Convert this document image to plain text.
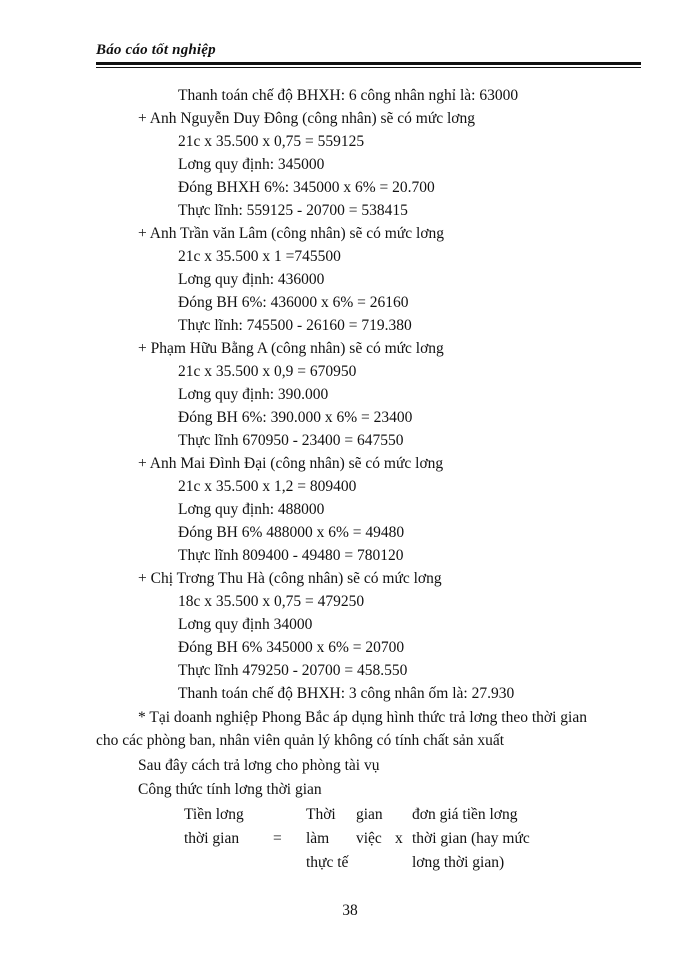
Báo cáo tốt nghiệp
Thanh toán chế độ BHXH: 6 công nhân nghỉ là: 63000
+ Anh Nguyễn Duy Đông (công nhân) sẽ có mức lơng
21c x 35.500 x 0,75 = 559125
Lơng quy định: 345000
Đóng BHXH 6%: 345000 x 6% = 20.700
Thực lĩnh: 559125 - 20700 = 538415
+ Anh Trần văn Lâm (công nhân) sẽ có mức lơng
21c x 35.500 x 1 =745500
Lơng quy định: 436000
Đóng BH 6%: 436000 x 6% = 26160
Thực lĩnh: 745500 - 26160 = 719.380
+ Phạm Hữu Bằng A (công nhân) sẽ có mức lơng
21c x 35.500 x 0,9 = 670950
Lơng quy định: 390.000
Đóng BH 6%: 390.000 x 6% = 23400
Thực lĩnh 670950 - 23400 = 647550
+ Anh Mai Đình Đại (công nhân) sẽ có mức lơng
21c x 35.500 x 1,2 = 809400
Lơng quy định: 488000
Đóng BH 6% 488000 x 6% = 49480
Thực lĩnh 809400 - 49480 = 780120
+ Chị Trơng Thu Hà (công nhân) sẽ có mức lơng
18c x 35.500 x 0,75 = 479250
Lơng quy định 34000
Đóng BH 6% 345000 x 6% = 20700
Thực lĩnh 479250 - 20700 = 458.550
Thanh toán chế độ BHXH: 3 công nhân ốm là: 27.930
* Tại doanh nghiệp Phong Bắc áp dụng hình thức trả lơng theo thời gian
cho các phòng ban, nhân viên quản lý không có tính chất sản xuất
Sau đây cách trả lơng cho phòng tài vụ
Công thức tính lơng thời gian
Tiền lơng
thời gian =
Thời gian
làm việc
thực tế
x
đơn giá tiền lơng
thời gian (hay mức
lơng thời gian)
38
